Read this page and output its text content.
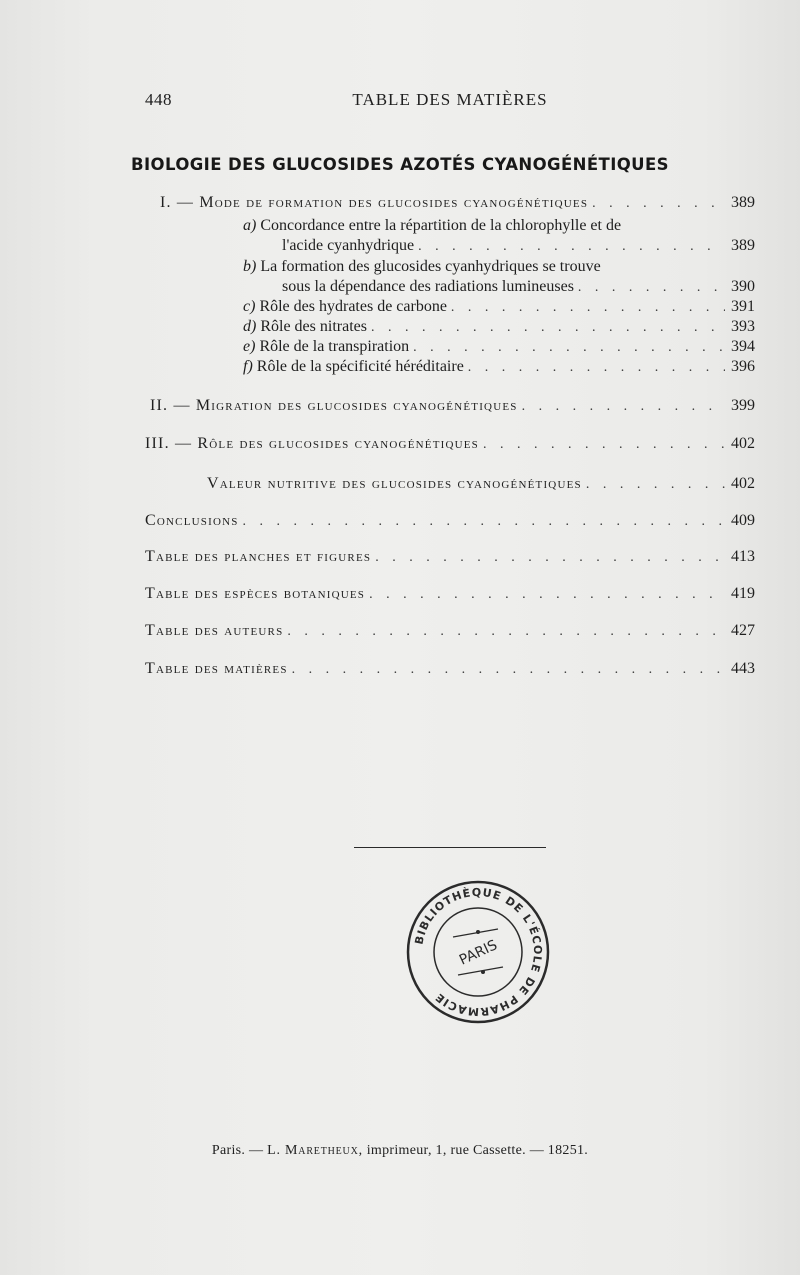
448	TABLE DES MATIÈRES
BIOLOGIE DES GLUCOSIDES AZOTÉS CYANOGÉNÉTIQUES
I. — Mode de formation des glucosides cyanogénétiques . . .	389
a) Concordance entre la répartition de la chlorophylle et de
l'acide cyanhydrique . . .	389
b) La formation des glucosides cyanhydriques se trouve
sous la dépendance des radiations lumineuses . . .	390
c) Rôle des hydrates de carbone . . .	391
d) Rôle des nitrates . . .	393
e) Rôle de la transpiration . . .	394
f) Rôle de la spécificité héréditaire . . .	396
II. — Migration des glucosides cyanogénétiques . . .	399
III. — Rôle des glucosides cyanogénétiques . . .	402
Valeur nutritive des glucosides cyanogénétiques . . .	402
Conclusions . . .	409
Table des planches et figures . . .	413
Table des espèces botaniques . . .	419
Table des auteurs . . .	427
Table des matières . . .	443
BIBLIOTHÈQUE DE L'ÉCOLE DE PHARMACIE
PARIS
Paris. — L. Maretheux, imprimeur, 1, rue Cassette. — 18251.
